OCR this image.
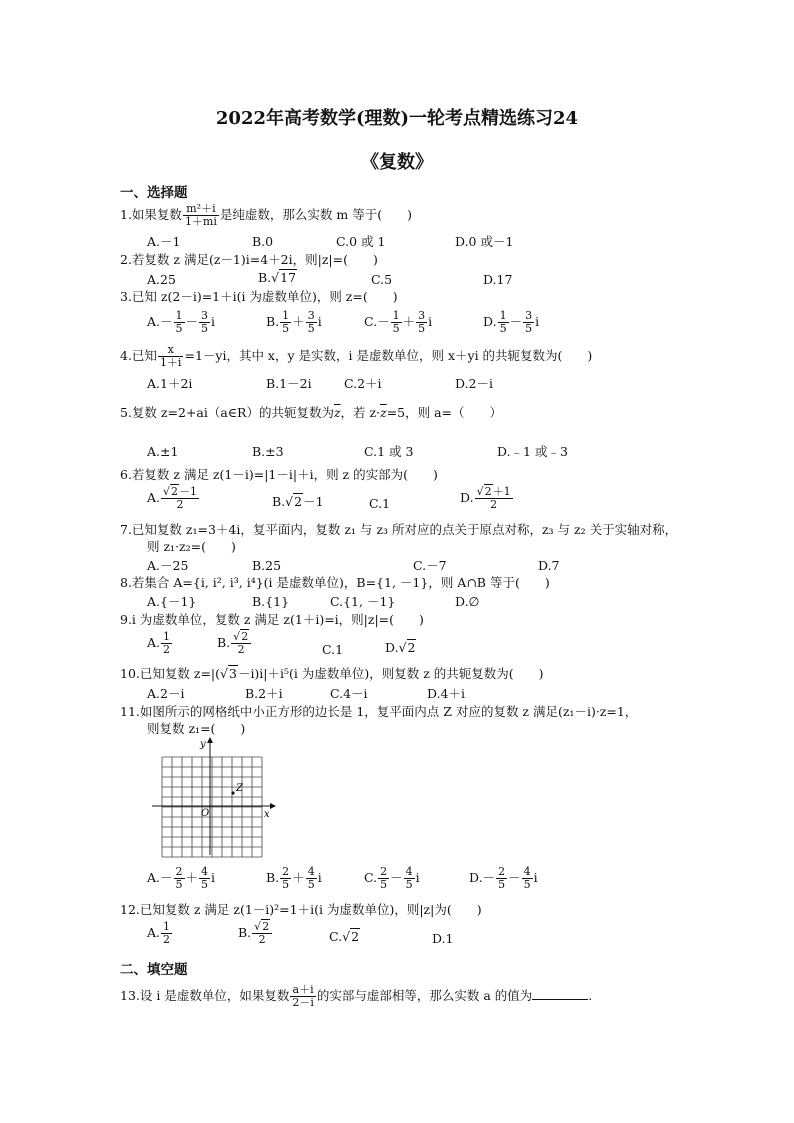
2022年高考数学(理数)一轮考点精选练习24
《复数》
一、选择题
1.如果复数 $\frac{\text{m²＋i}}{1+mi}$ 是纯虚数，那么实数 m 等于(　　)
A.－1	B.0	C.0 或 1	D.0 或－1
2.若复数 z 满足(z－1)i=4＋2i，则|z|=(　　)
A.25	B.√17	C.5	D.17
3.已知 z(2－i)=1＋i(i 为虚数单位)，则 z=(　　)
$A.- \frac{1}{5} - \frac{3}{5}$ i	B. $\frac{1}{5} + \frac{3}{5}$ i	$C.- \frac{1}{5} + \frac{3}{5}$ i	D. $\frac{1}{5} - \frac{3}{5}$ i
4.已知 $\frac{x}{1+i} =1-yi$，其中 x，y 是实数，i 是虚数单位，则 x＋yi 的共轭复数为(　　)
A.1＋2i	B.1－2i	C.2＋i	D.2－i
5.复数 z=2+ai（a∈R）的共轭复数为$\overline{z}$，若 $z\cdot\overline{z}=5$，则 a=（　　）
A.±1	B.±3	C.1 或 3	D.﹣1 或﹣3
6.若复数 z 满足 z(1－i)=|1－i|＋i，则 z 的实部为(　　)
A. $\frac{√2-1}{2}$	B.√2－1	C.1	D. $\frac{√2+1}{2}$
7.已知复数 z₁=3＋4i，复平面内，复数 z₁ 与 z₃ 所对应的点关于原点对称，z₃ 与 z₂ 关于实轴对称，
则 z₁·z₂=(　　)
A.－25	B.25	C.－7	D.7
8.若集合 A={i, i², i³, i⁴}(i 是虚数单位)，B={1, －1}，则 A∩B 等于(　　)
A.{－1}	B.{1}	C.{1, －1}	D.∅
9.i 为虚数单位，复数 z 满足 z(1＋i)=i，则|z|=(　　)
A. $\frac{1}{2}$	B. $\frac{√2}{2}$	C.1	D.√2
10.已知复数 z=|(√3－i)i|＋i⁵(i 为虚数单位)，则复数 z 的共轭复数为(　　)
A.2－i	B.2＋i	C.4－i	D.4＋i
11.如图所示的网格纸中小正方形的边长是 1，复平面内点 Z 对应的复数 z 满足(z₁－i)·z=1，
则复数 z₁=(　　)
y
x
O
Z
$A.- \frac{2}{5} + \frac{4}{5}$ i	B. $\frac{2}{5} + \frac{4}{5}$ i	C. $\frac{2}{5} - \frac{4}{5}$ i	$D.- \frac{2}{5} - \frac{4}{5}$ i
12.已知复数 z 满足 z(1－i)²=1＋i(i 为虚数单位)，则|z|为(　　)
A. $\frac{1}{2}$	B. $\frac{√2}{2}$	C.√2	D.1
二、填空题
13.设 i 是虚数单位，如果复数 $\frac{a+i}{2-i}$ 的实部与虚部相等，那么实数 a 的值为	.
